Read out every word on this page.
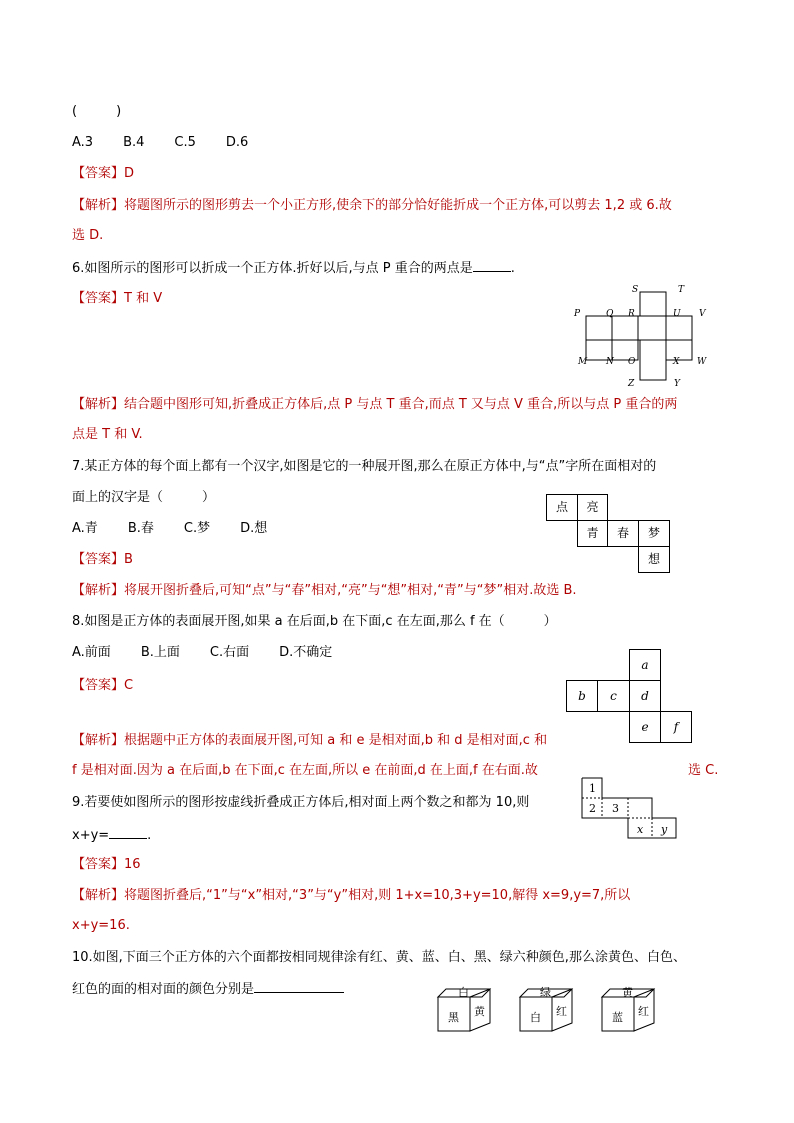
(　　　)
A.3 B.4 C.5 D.6
【答案】D
【解析】将题图所示的图形剪去一个小正方形,使余下的部分恰好能折成一个正方体,可以剪去 1,2 或 6.故
选 D.
6.如图所示的图形可以折成一个正方体.折好以后,与点 P 重合的两点是	.
【答案】T 和 V
S	T
P	Q R	U V
M N O	X W
Z	Y
【解析】结合题中图形可知,折叠成正方体后,点 P 与点 T 重合,而点 T 又与点 V 重合,所以与点 P 重合的两
点是 T 和 V.
7.某正方体的每个面上都有一个汉字,如图是它的一种展开图,那么在原正方体中,与“点”字所在面相对的
面上的汉字是（　　　）
A.青 B.春 C.梦 D.想
【答案】B
点	亮
青	春	梦
想
【解析】将展开图折叠后,可知“点”与“春”相对,“亮”与“想”相对,“青”与“梦”相对.故选 B.
8.如图是正方体的表面展开图,如果 a 在后面,b 在下面,c 在左面,那么 f 在（　　　）
A.前面 B.上面 C.右面 D.不确定
【答案】C
a
b	c	d
e	f
【解析】根据题中正方体的表面展开图,可知 a 和 e 是相对面,b 和 d 是相对面,c 和
f 是相对面.因为 a 在后面,b 在下面,c 在左面,所以 e 在前面,d 在上面,f 在右面.故	选 C.
9.若要使如图所示的图形按虚线折叠成正方体后,相对面上两个数之和都为 10,则
x+y=	.
1
2 3
x y
【答案】16
【解析】将题图折叠后,“1”与“x”相对,“3”与“y”相对,则 1+x=10,3+y=10,解得 x=9,y=7,所以
x+y=16.
10.如图,下面三个正方体的六个面都按相同规律涂有红、黄、蓝、白、黑、绿六种颜色,那么涂黄色、白色、
红色的面的相对面的颜色分别是	白
黑 黄
绿
白 红
黄
蓝 红
